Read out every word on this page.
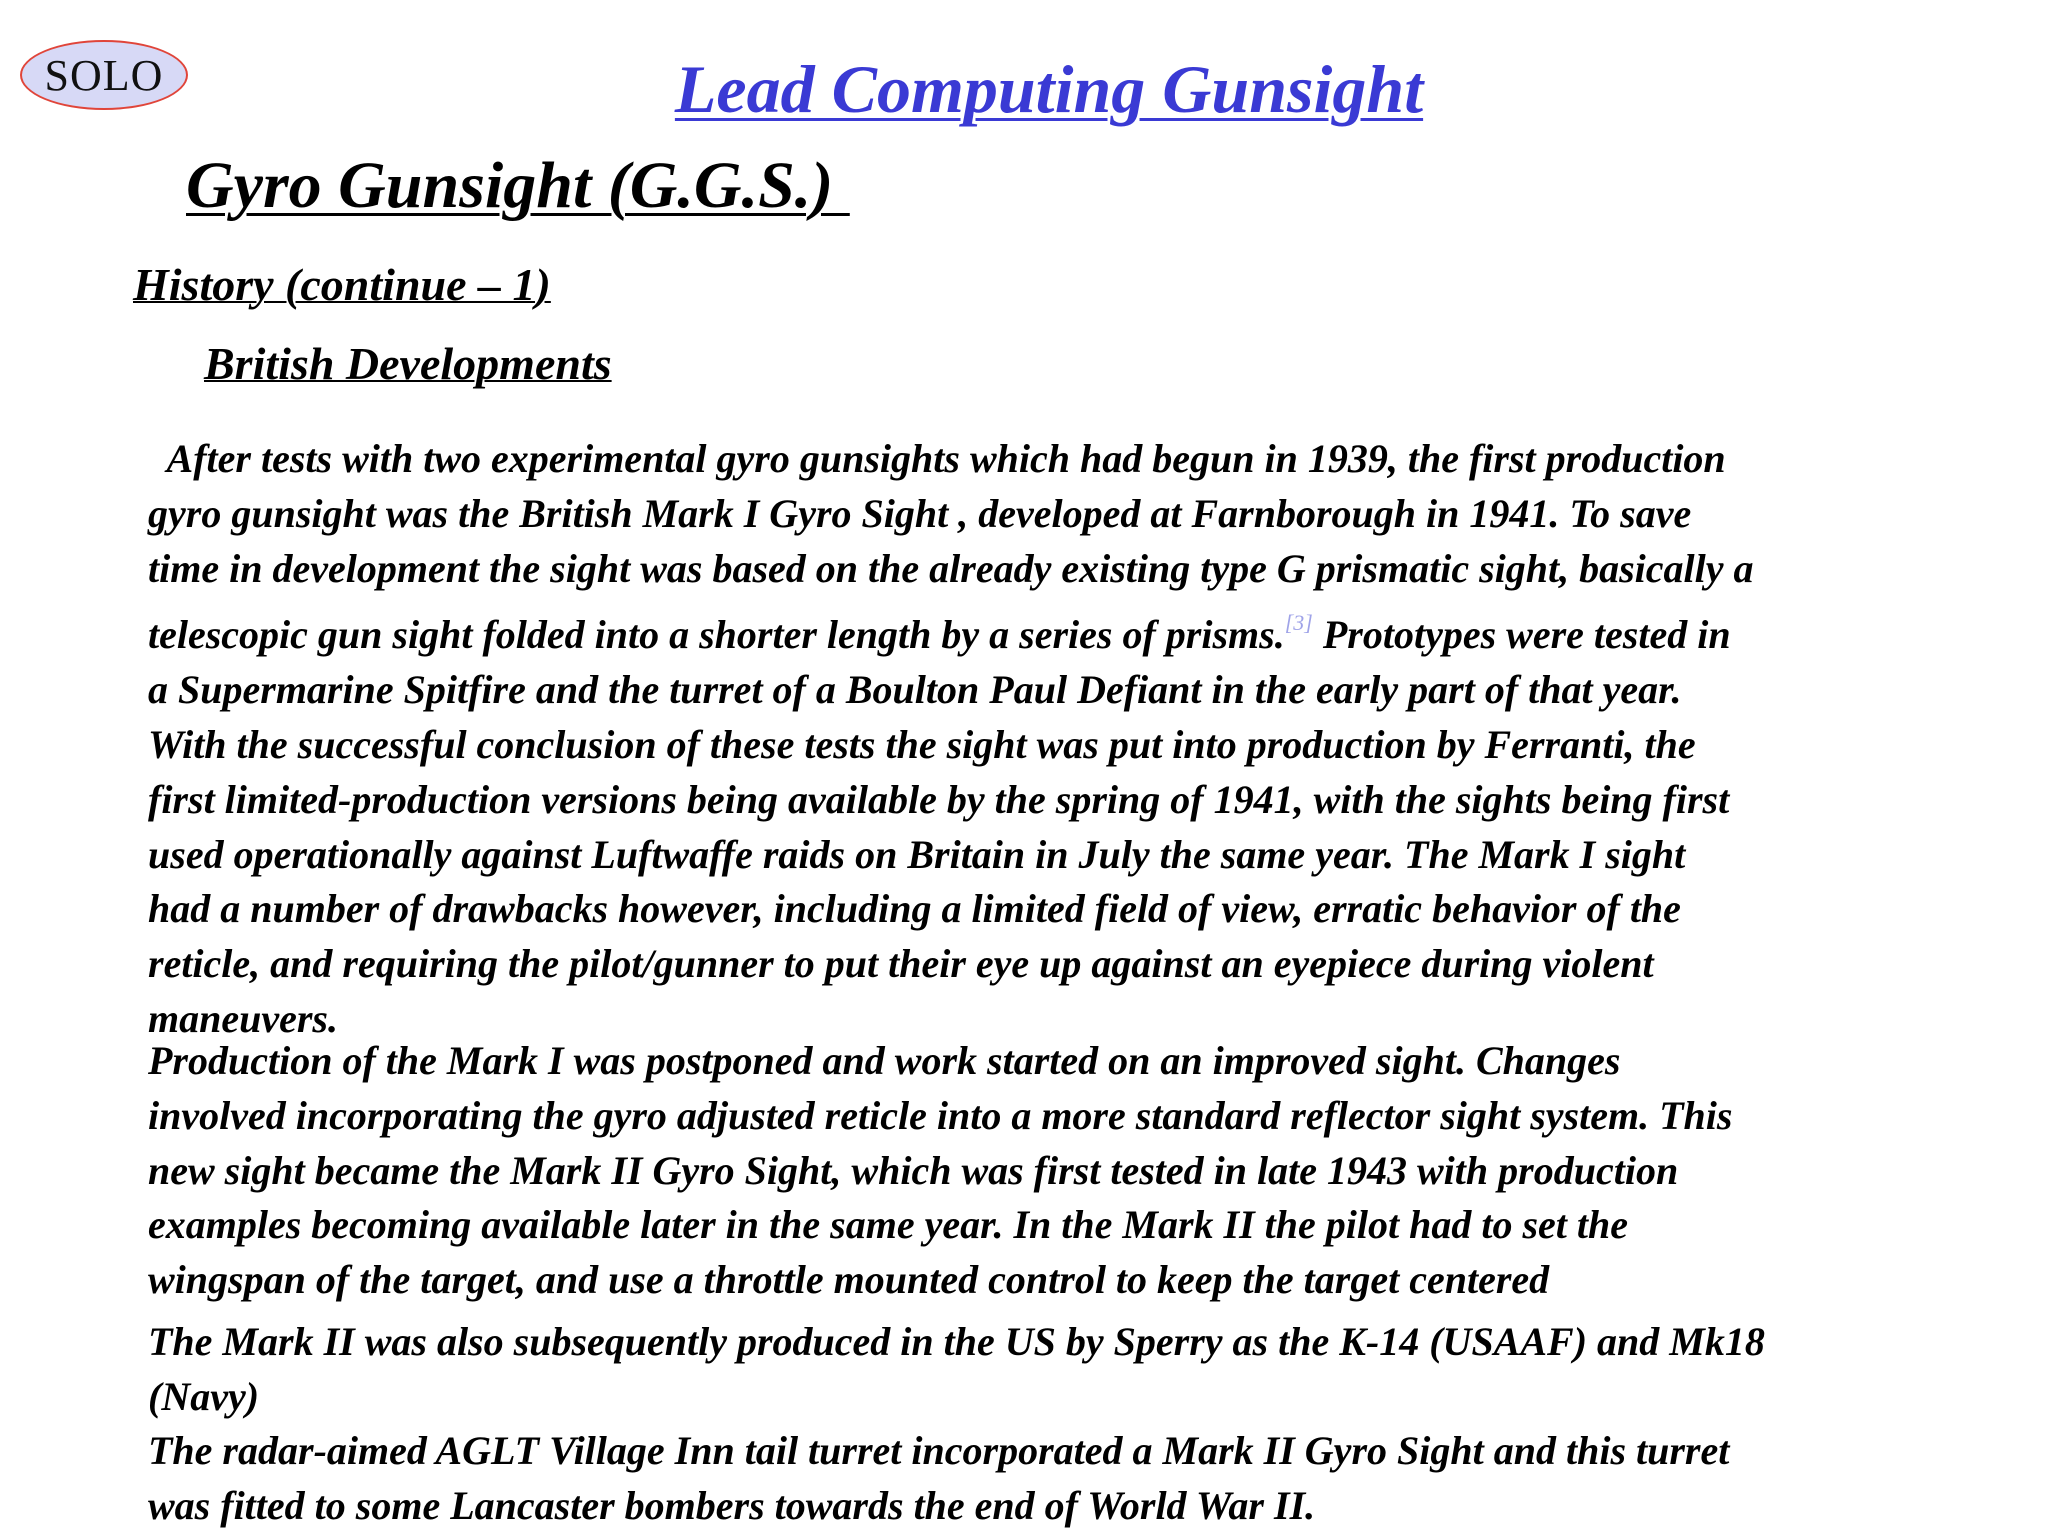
SOLO	Lead Computing Gunsight
Gyro Gunsight (G.G.S.)
History (continue – 1)
British Developments
After tests with two experimental gyro gunsights which had begun in 1939, the first production
gyro gunsight was the British Mark I Gyro Sight , developed at Farnborough in 1941. To save
time in development the sight was based on the already existing type G prismatic sight, basically a
telescopic gun sight folded into a shorter length by a series of prisms.[3] Prototypes were tested in
a Supermarine Spitfire and the turret of a Boulton Paul Defiant in the early part of that year.
With the successful conclusion of these tests the sight was put into production by Ferranti, the
first limited-production versions being available by the spring of 1941, with the sights being first
used operationally against Luftwaffe raids on Britain in July the same year. The Mark I sight
had a number of drawbacks however, including a limited field of view, erratic behavior of the
reticle, and requiring the pilot/gunner to put their eye up against an eyepiece during violent
maneuvers.
Production of the Mark I was postponed and work started on an improved sight. Changes
involved incorporating the gyro adjusted reticle into a more standard reflector sight system. This
new sight became the Mark II Gyro Sight, which was first tested in late 1943 with production
examples becoming available later in the same year. In the Mark II the pilot had to set the
wingspan of the target, and use a throttle mounted control to keep the target centered
The Mark II was also subsequently produced in the US by Sperry as the K-14 (USAAF) and Mk18
(Navy)
The radar-aimed AGLT Village Inn tail turret incorporated a Mark II Gyro Sight and this turret
was fitted to some Lancaster bombers towards the end of World War II.
